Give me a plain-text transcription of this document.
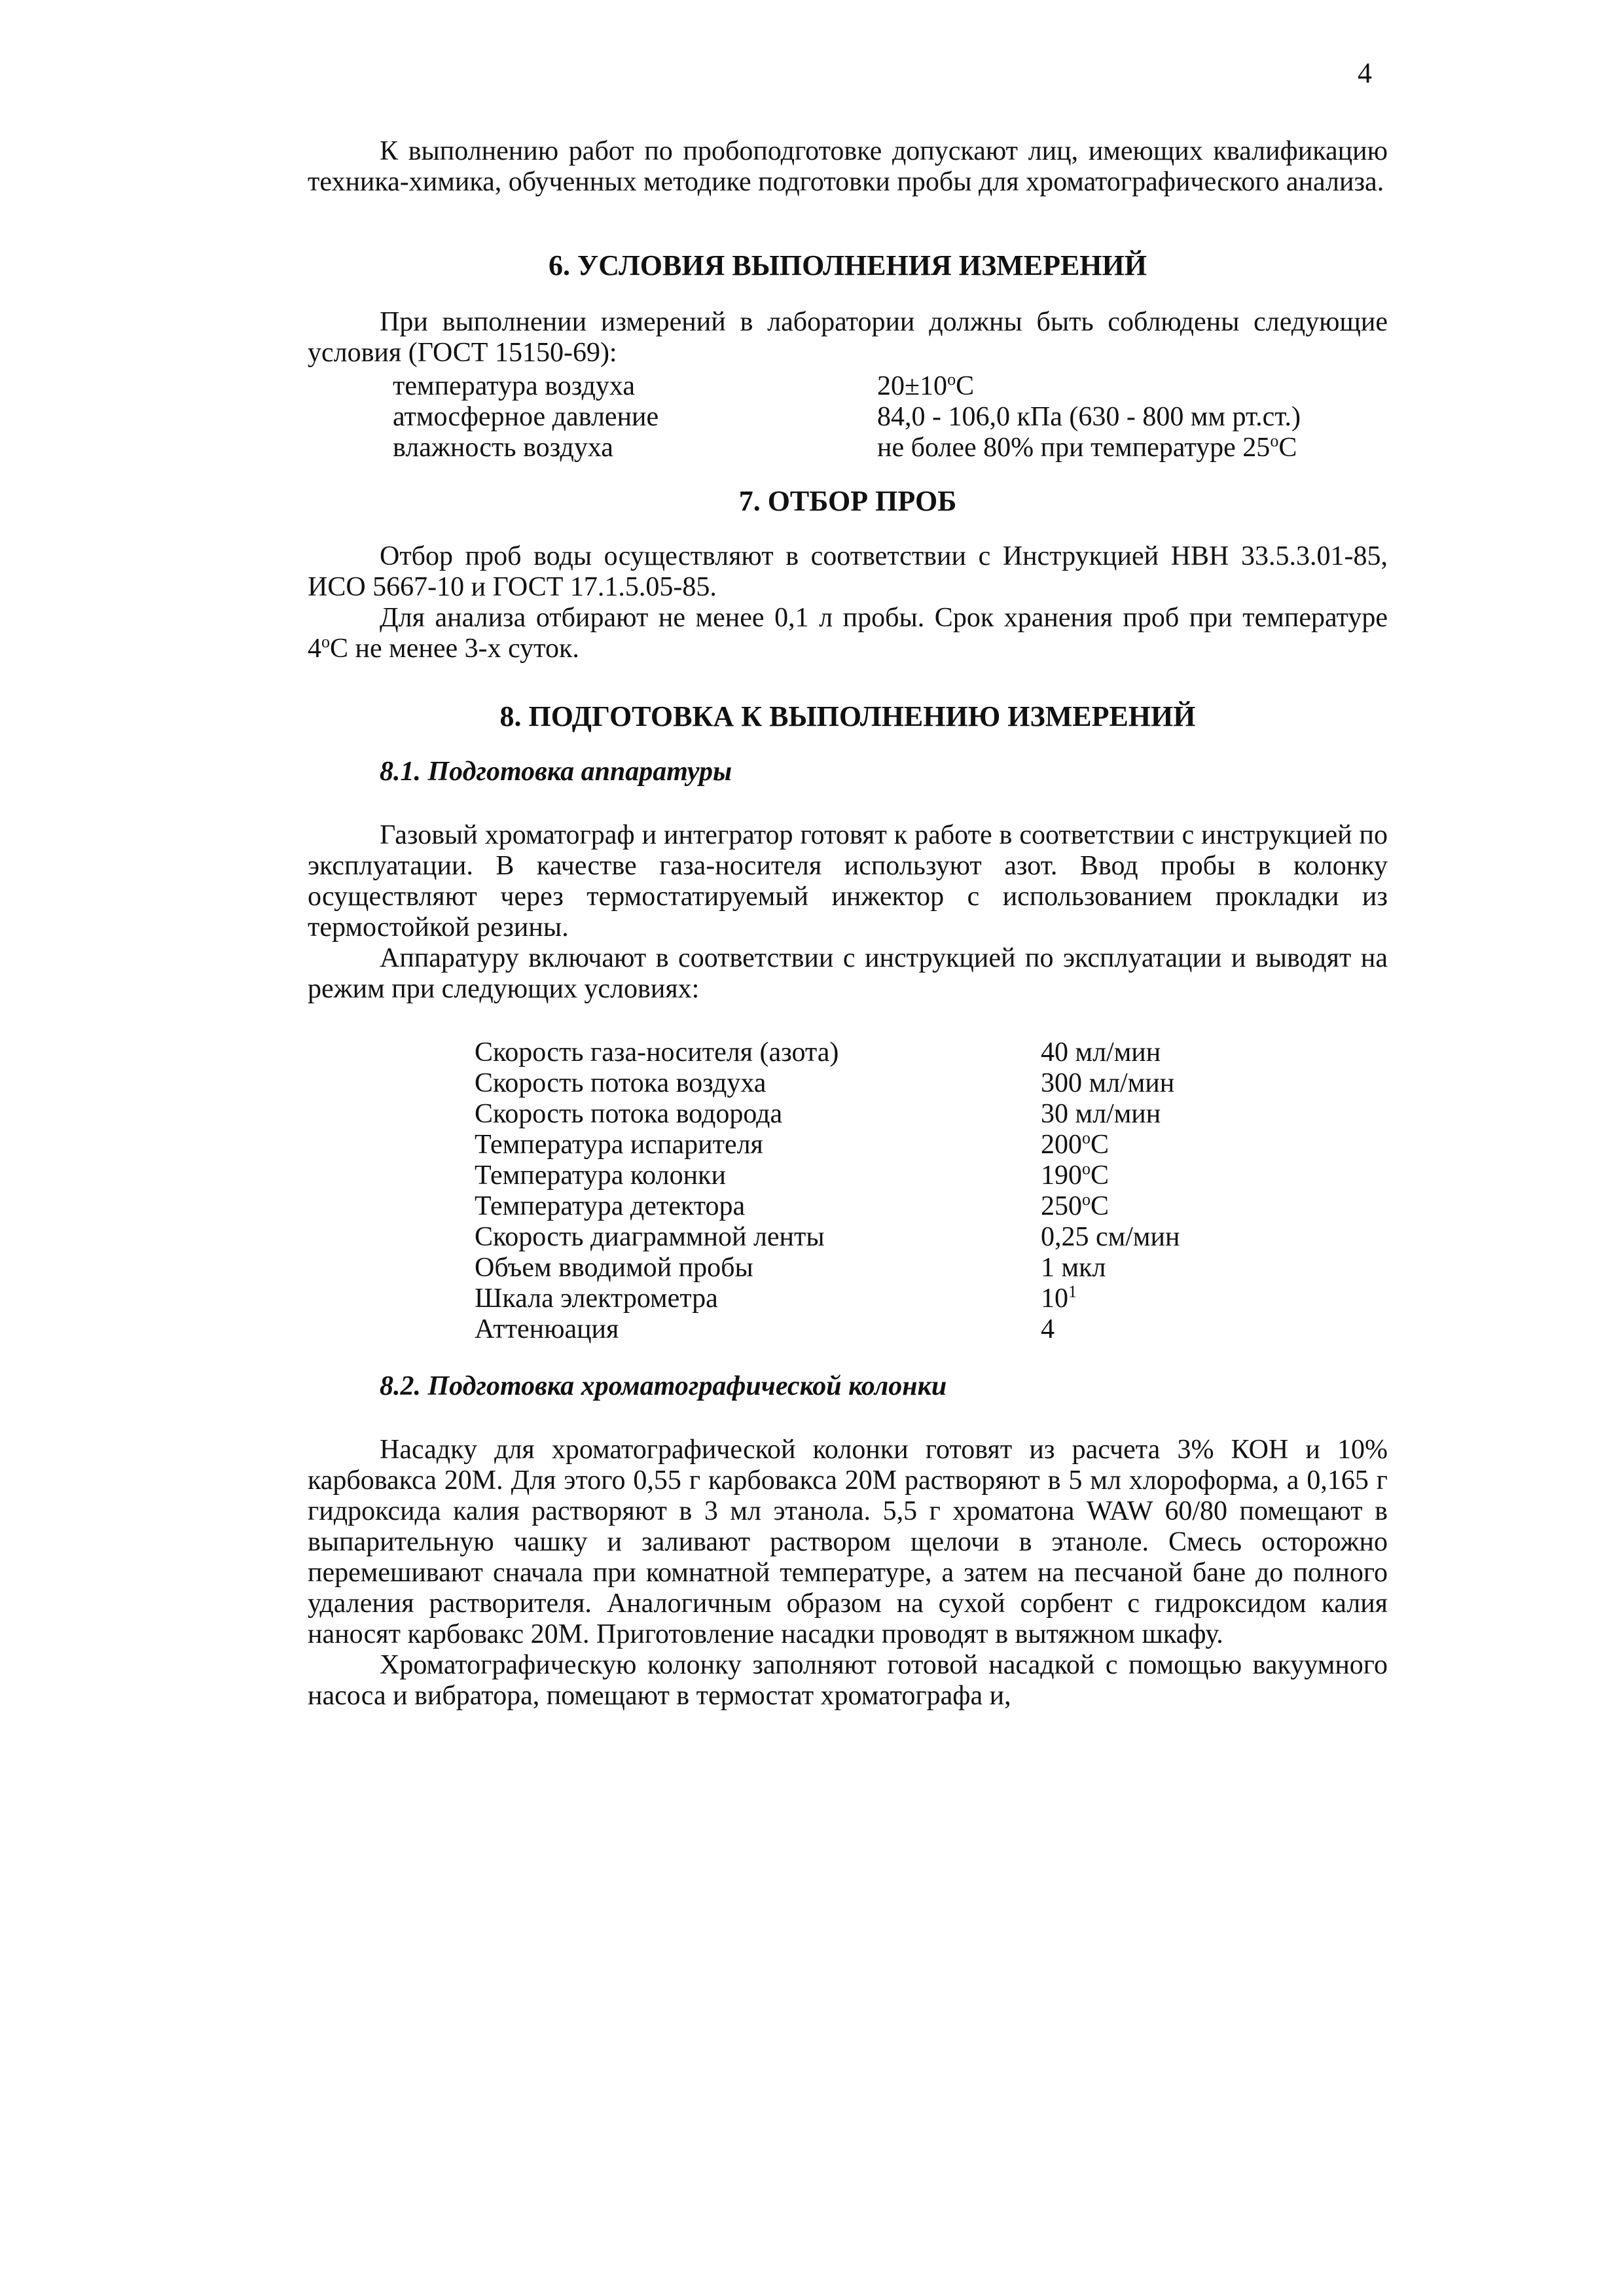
4

К выполнению работ по пробоподготовке допускают лиц, имеющих квалификацию техника-химика, обученных методике подготовки пробы для хроматографического анализа.

6. УСЛОВИЯ ВЫПОЛНЕНИЯ ИЗМЕРЕНИЙ

При выполнении измерений в лаборатории должны быть соблюдены следующие условия (ГОСТ 15150-69):

температура воздуха	$20\pm 10^оС$
атмосферное давление	84,0 - 106,0 кПа (630 - 800 мм рт.ст.)
влажность воздуха	не более 80% при температуре $25^оС$
7. ОТБОР ПРОБ

Отбор проб воды осуществляют в соответствии с Инструкцией НВН 33.5.3.01-85, ИСО 5667-10 и ГОСТ 17.1.5.05-85.

Для анализа отбирают не менее 0,1 л пробы. Срок хранения проб при температуре $4^оС$ не менее 3-х суток.

8. ПОДГОТОВКА К ВЫПОЛНЕНИЮ ИЗМЕРЕНИЙ
8.1. Подготовка аппаратуры

Газовый хроматограф и интегратор готовят к работе в соответствии с инструкцией по эксплуатации. В качестве газа-носителя используют азот. Ввод пробы в колонку осуществляют через термостатируемый инжектор с использованием прокладки из термостойкой резины.

Аппаратуру включают в соответствии с инструкцией по эксплуатации и выводят на режим при следующих условиях:

Скорость газа-носителя (азота)	40 мл/мин
Скорость потока воздуха	300 мл/мин
Скорость потока водорода	30 мл/мин
Температура испарителя	$200^оС$
Температура колонки	$190^оС$
Температура детектора	$250^оС$
Скорость диаграммной ленты	0,25 см/мин
Объем вводимой пробы	1 мкл
Шкала электрометра	$10^1$
Аттенюация	4
8.2. Подготовка хроматографической колонки

Насадку для хроматографической колонки готовят из расчета 3% КОН и 10% карбовакса 20М. Для этого 0,55 г карбовакса 20М растворяют в 5 мл хлороформа, а 0,165 г гидроксида калия растворяют в 3 мл этанола. 5,5 г хроматона WAW 60/80 помещают в выпарительную чашку и заливают раствором щелочи в этаноле. Смесь осторожно перемешивают сначала при комнатной температуре, а затем на песчаной бане до полного удаления растворителя. Аналогичным образом на сухой сорбент с гидроксидом калия наносят карбовакс 20М. Приготовление насадки проводят в вытяжном шкафу.

Хроматографическую колонку заполняют готовой насадкой с помощью вакуумного насоса и вибратора, помещают в термостат хроматографа и,
